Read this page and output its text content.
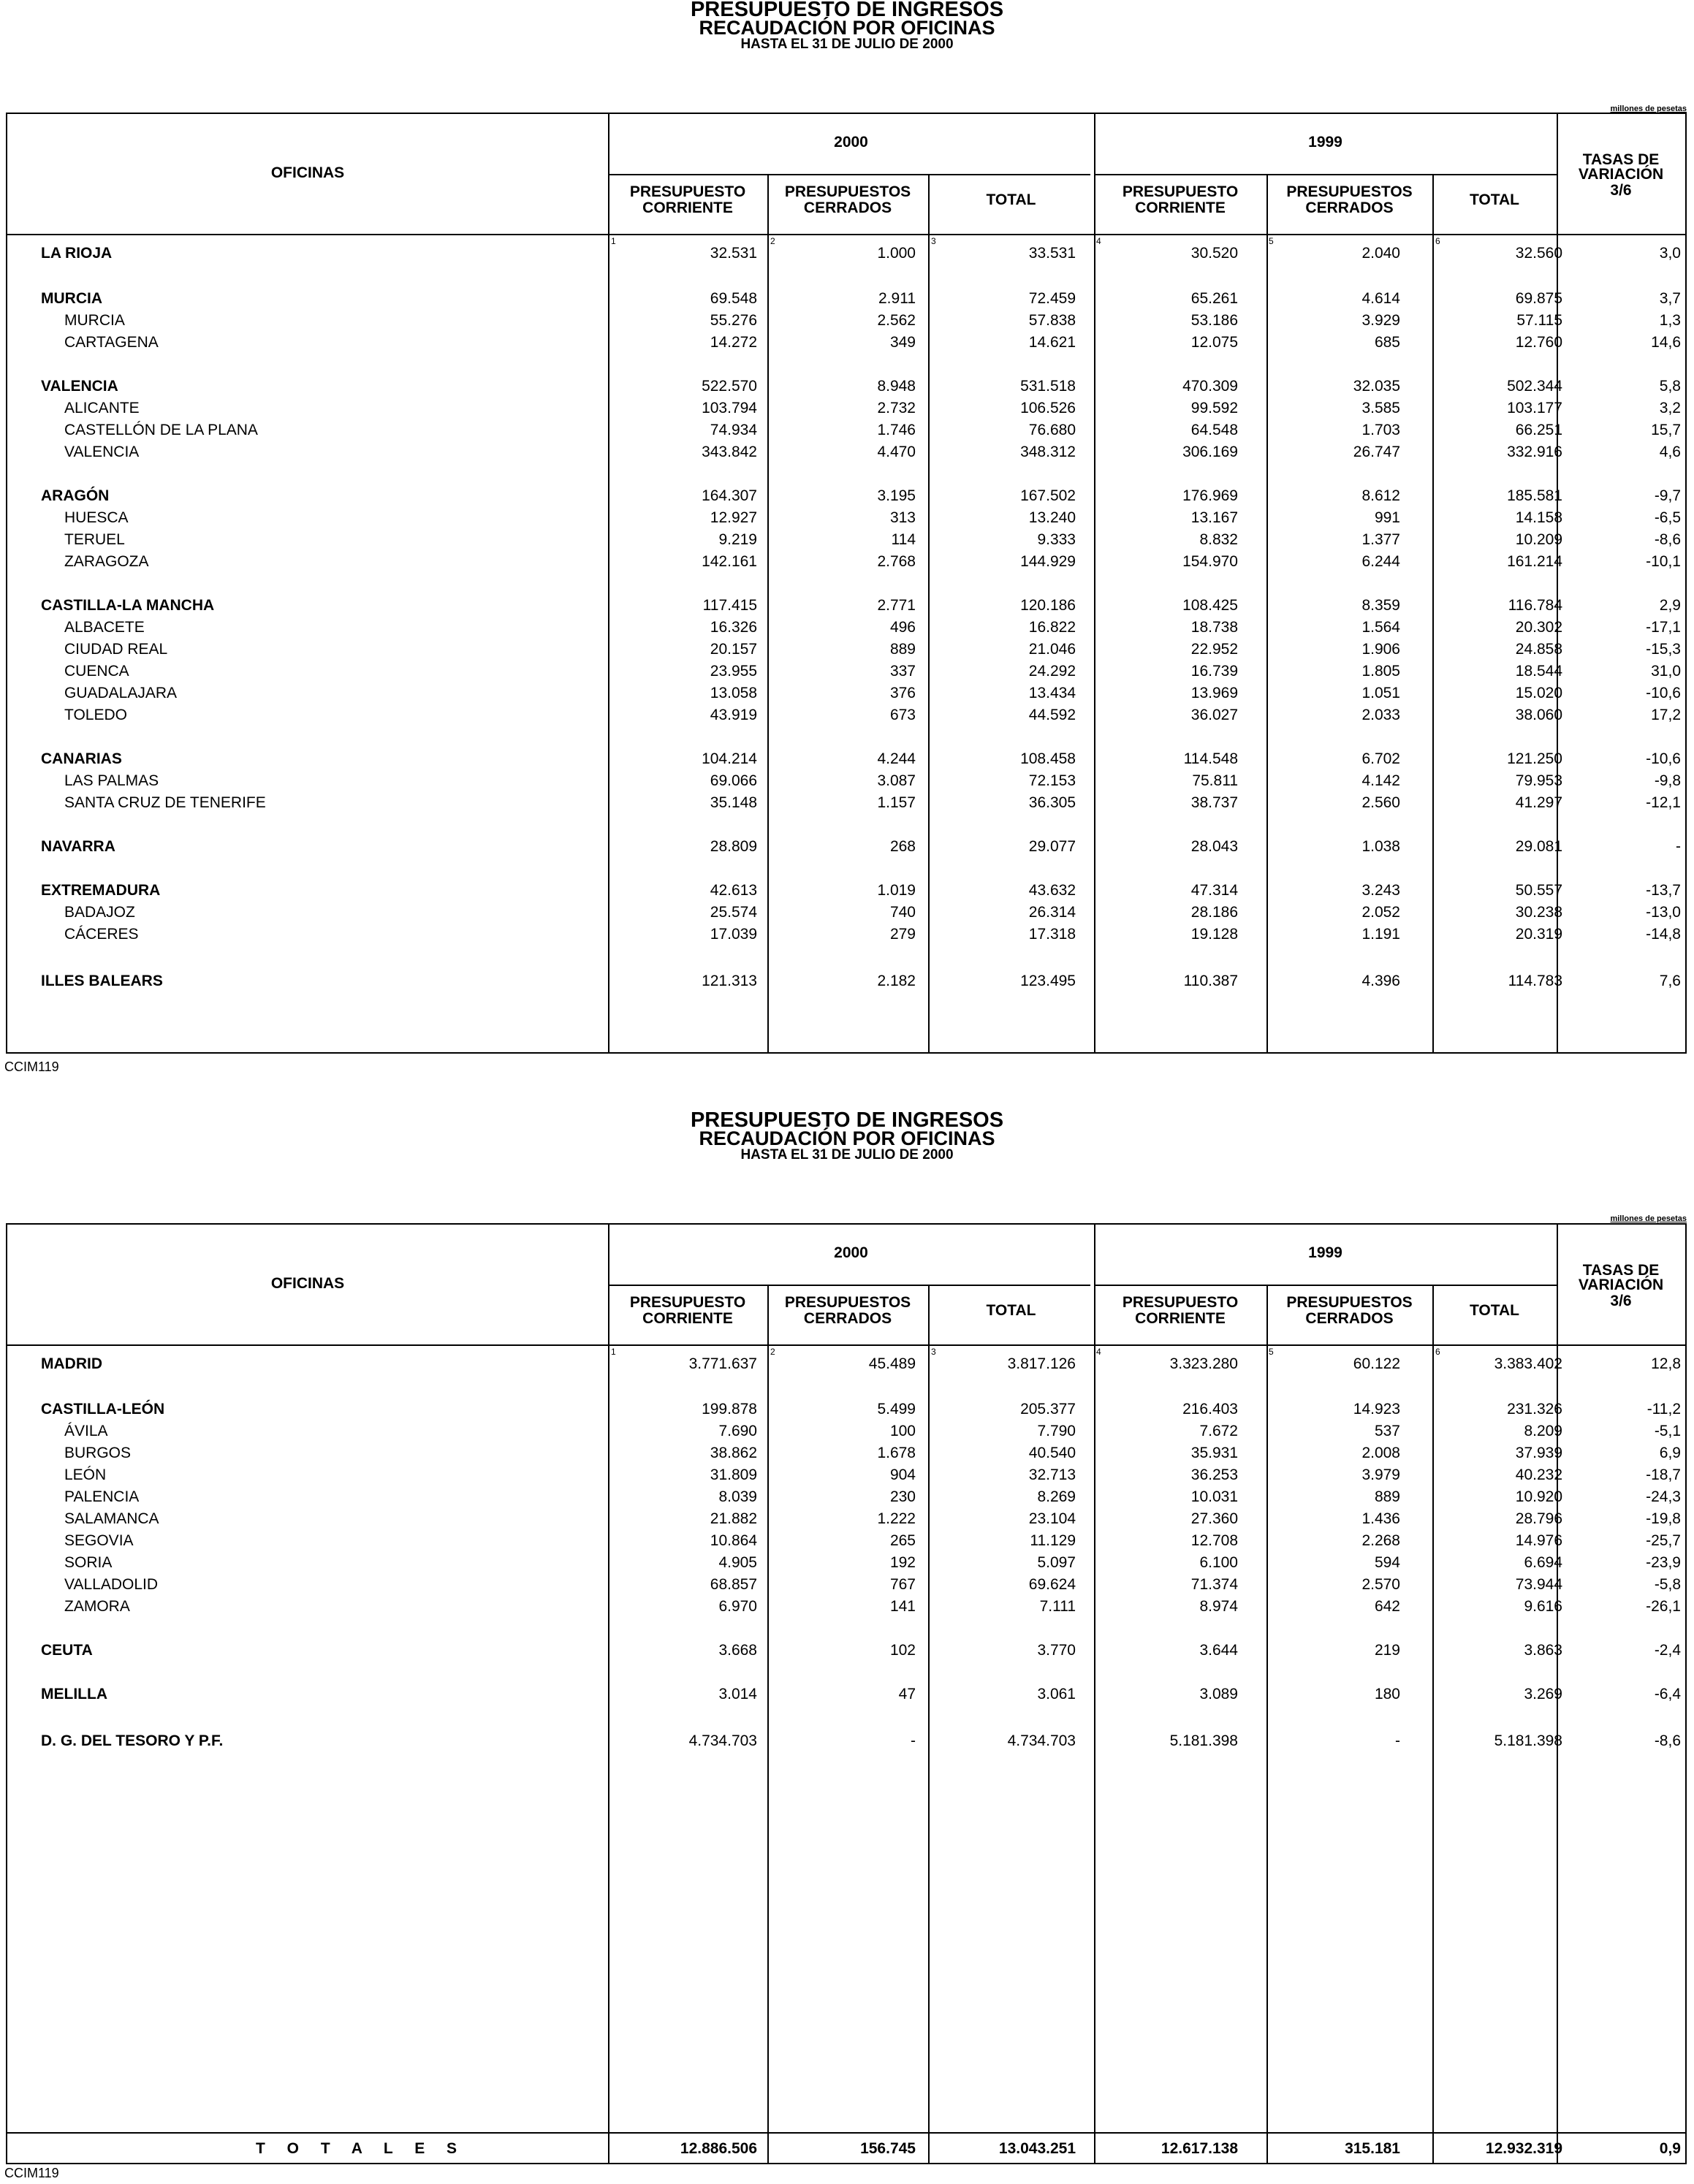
PRESUPUESTO DE INGRESOS
RECAUDACIÓN POR OFICINAS
HASTA EL 31 DE JULIO DE 2000
millones de pesetas
OFICINAS
2000	1999
PRESUPUESTO
CORRIENTE
PRESUPUESTOS
CERRADOS	TOTAL	PRESUPUESTO
CORRIENTE
PRESUPUESTOS
CERRADOS	TOTAL
TASAS DE
VARIACIÓN
3/6
1	2	3	4	5	6
LA RIOJA	32.531	1.000	33.531	30.520	2.040	32.560	3,0
MURCIA	69.548	2.911	72.459	65.261	4.614	69.875	3,7
MURCIA	55.276	2.562	57.838	53.186	3.929	57.115	1,3
CARTAGENA	14.272	349	14.621	12.075	685	12.760	14,6
VALENCIA	522.570	8.948	531.518	470.309	32.035	502.344	5,8
ALICANTE	103.794	2.732	106.526	99.592	3.585	103.177	3,2
CASTELLÓN DE LA PLANA	74.934	1.746	76.680	64.548	1.703	66.251	15,7
VALENCIA	343.842	4.470	348.312	306.169	26.747	332.916	4,6
ARAGÓN	164.307	3.195	167.502	176.969	8.612	185.581	-9,7
HUESCA	12.927	313	13.240	13.167	991	14.158	-6,5
TERUEL	9.219	114	9.333	8.832	1.377	10.209	-8,6
ZARAGOZA	142.161	2.768	144.929	154.970	6.244	161.214	-10,1
CASTILLA-LA MANCHA	117.415	2.771	120.186	108.425	8.359	116.784	2,9
ALBACETE	16.326	496	16.822	18.738	1.564	20.302	-17,1
CIUDAD REAL	20.157	889	21.046	22.952	1.906	24.858	-15,3
CUENCA	23.955	337	24.292	16.739	1.805	18.544	31,0
GUADALAJARA	13.058	376	13.434	13.969	1.051	15.020	-10,6
TOLEDO	43.919	673	44.592	36.027	2.033	38.060	17,2
CANARIAS	104.214	4.244	108.458	114.548	6.702	121.250	-10,6
LAS PALMAS	69.066	3.087	72.153	75.811	4.142	79.953	-9,8
SANTA CRUZ DE TENERIFE	35.148	1.157	36.305	38.737	2.560	41.297	-12,1
NAVARRA	28.809	268	29.077	28.043	1.038	29.081	-
EXTREMADURA	42.613	1.019	43.632	47.314	3.243	50.557	-13,7
BADAJOZ	25.574	740	26.314	28.186	2.052	30.238	-13,0
CÁCERES	17.039	279	17.318	19.128	1.191	20.319	-14,8
ILLES BALEARS	121.313	2.182	123.495	110.387	4.396	114.783	7,6
CCIM119
PRESUPUESTO DE INGRESOS
RECAUDACIÓN POR OFICINAS
HASTA EL 31 DE JULIO DE 2000
millones de pesetas
OFICINAS
2000	1999
PRESUPUESTO
CORRIENTE
PRESUPUESTOS
CERRADOS	TOTAL	PRESUPUESTO
CORRIENTE
PRESUPUESTOS
CERRADOS	TOTAL
TASAS DE
VARIACIÓN
3/6
1	2	3	4	5	6
MADRID	3.771.637	45.489	3.817.126	3.323.280	60.122	3.383.402	12,8
CASTILLA-LEÓN	199.878	5.499	205.377	216.403	14.923	231.326	-11,2
ÁVILA	7.690	100	7.790	7.672	537	8.209	-5,1
BURGOS	38.862	1.678	40.540	35.931	2.008	37.939	6,9
LEÓN	31.809	904	32.713	36.253	3.979	40.232	-18,7
PALENCIA	8.039	230	8.269	10.031	889	10.920	-24,3
SALAMANCA	21.882	1.222	23.104	27.360	1.436	28.796	-19,8
SEGOVIA	10.864	265	11.129	12.708	2.268	14.976	-25,7
SORIA	4.905	192	5.097	6.100	594	6.694	-23,9
VALLADOLID	68.857	767	69.624	71.374	2.570	73.944	-5,8
ZAMORA	6.970	141	7.111	8.974	642	9.616	-26,1
CEUTA	3.668	102	3.770	3.644	219	3.863	-2,4
MELILLA	3.014	47	3.061	3.089	180	3.269	-6,4
D. G. DEL TESORO Y P.F.	4.734.703	-	4.734.703	5.181.398	-	5.181.398	-8,6
T O T A L E S	12.886.506	156.745	13.043.251	12.617.138	315.181	12.932.319	0,9
CCIM119
